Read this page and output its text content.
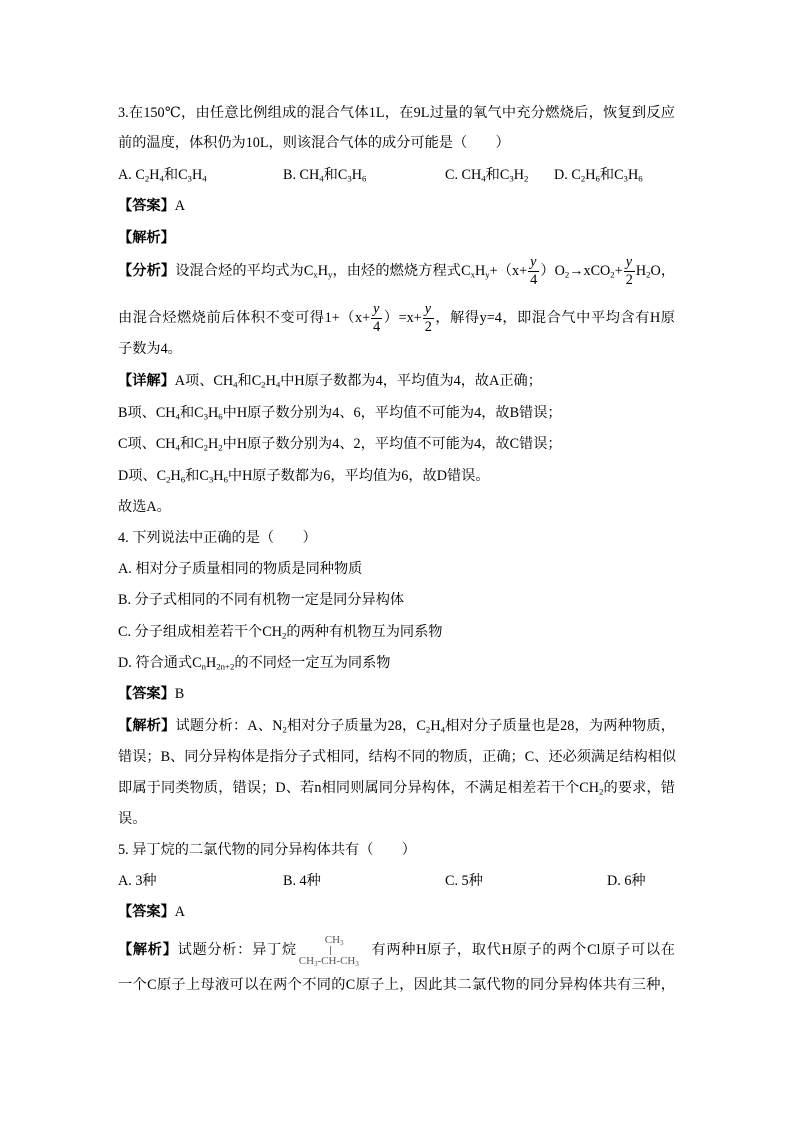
3.在150℃，由任意比例组成的混合气体1L，在9L过量的氧气中充分燃烧后，恢复到反应
前的温度，体积仍为10L，则该混合气体的成分可能是（　　）
A. $C_2H_4$和$C_3H_4$	B. $CH_4$和$C_3H_6$	C. $CH_4$和$C_3H_2$ D. $C_2H_6$和$C_3H_6$
【答案】A
【解析】
【分析】设混合烃的平均式为$C_xH_y$，由烃的燃烧方程式$C_xH_y+(x+ \frac{y}{4} )O_2\to xCO_2+ \frac{y}{2} H_2O$，
由混合烃燃烧前后体积不变可得$1+(x+ \frac{y}{4} )=x+ \frac{y}{2}$ ，解得y=4，即混合气中平均含有H原
子数为4。
【详解】A项、$CH_4$和$C_2H_4$中H原子数都为4，平均值为4，故A正确；
B项、$CH_4$和$C_3H_6$中H原子数分别为4、6，平均值不可能为4，故B错误；
C项、$CH_4$和$C_2H_2$中H原子数分别为4、2，平均值不可能为4，故C错误；
D项、$C_2H_6$和$C_3H_6$中H原子数都为6，平均值为6，故D错误。
故选A。
4. 下列说法中正确的是（　　）
A. 相对分子质量相同的物质是同种物质
B. 分子式相同的不同有机物一定是同分异构体
C. 分子组成相差若干个$CH_2$的两种有机物互为同系物
D. 符合通式$C_nH_{2n+2}$的不同烃一定互为同系物
【答案】B
【解析】试题分析：A、$N_2$相对分子质量为28，$C_2H_4$相对分子质量也是28，为两种物质，
错误；B、同分异构体是指分子式相同，结构不同的物质，正确；C、还必须满足结构相似
即属于同类物质，错误；D、若n相同则属同分异构体，不满足相差若干个$CH_2$的要求，错
误。
5. 异丁烷的二氯代物的同分异构体共有（　　）
A. 3种	B. 4种	C. 5种	D. 6种
【答案】A
【解析】试题分析：异丁烷
$CH_3$
$CH_3-CH-CH_3$
有两种H原子，取代H原子的两个Cl原子可以在
一个C原子上母液可以在两个不同的C原子上，因此其二氯代物的同分异构体共有三种，
